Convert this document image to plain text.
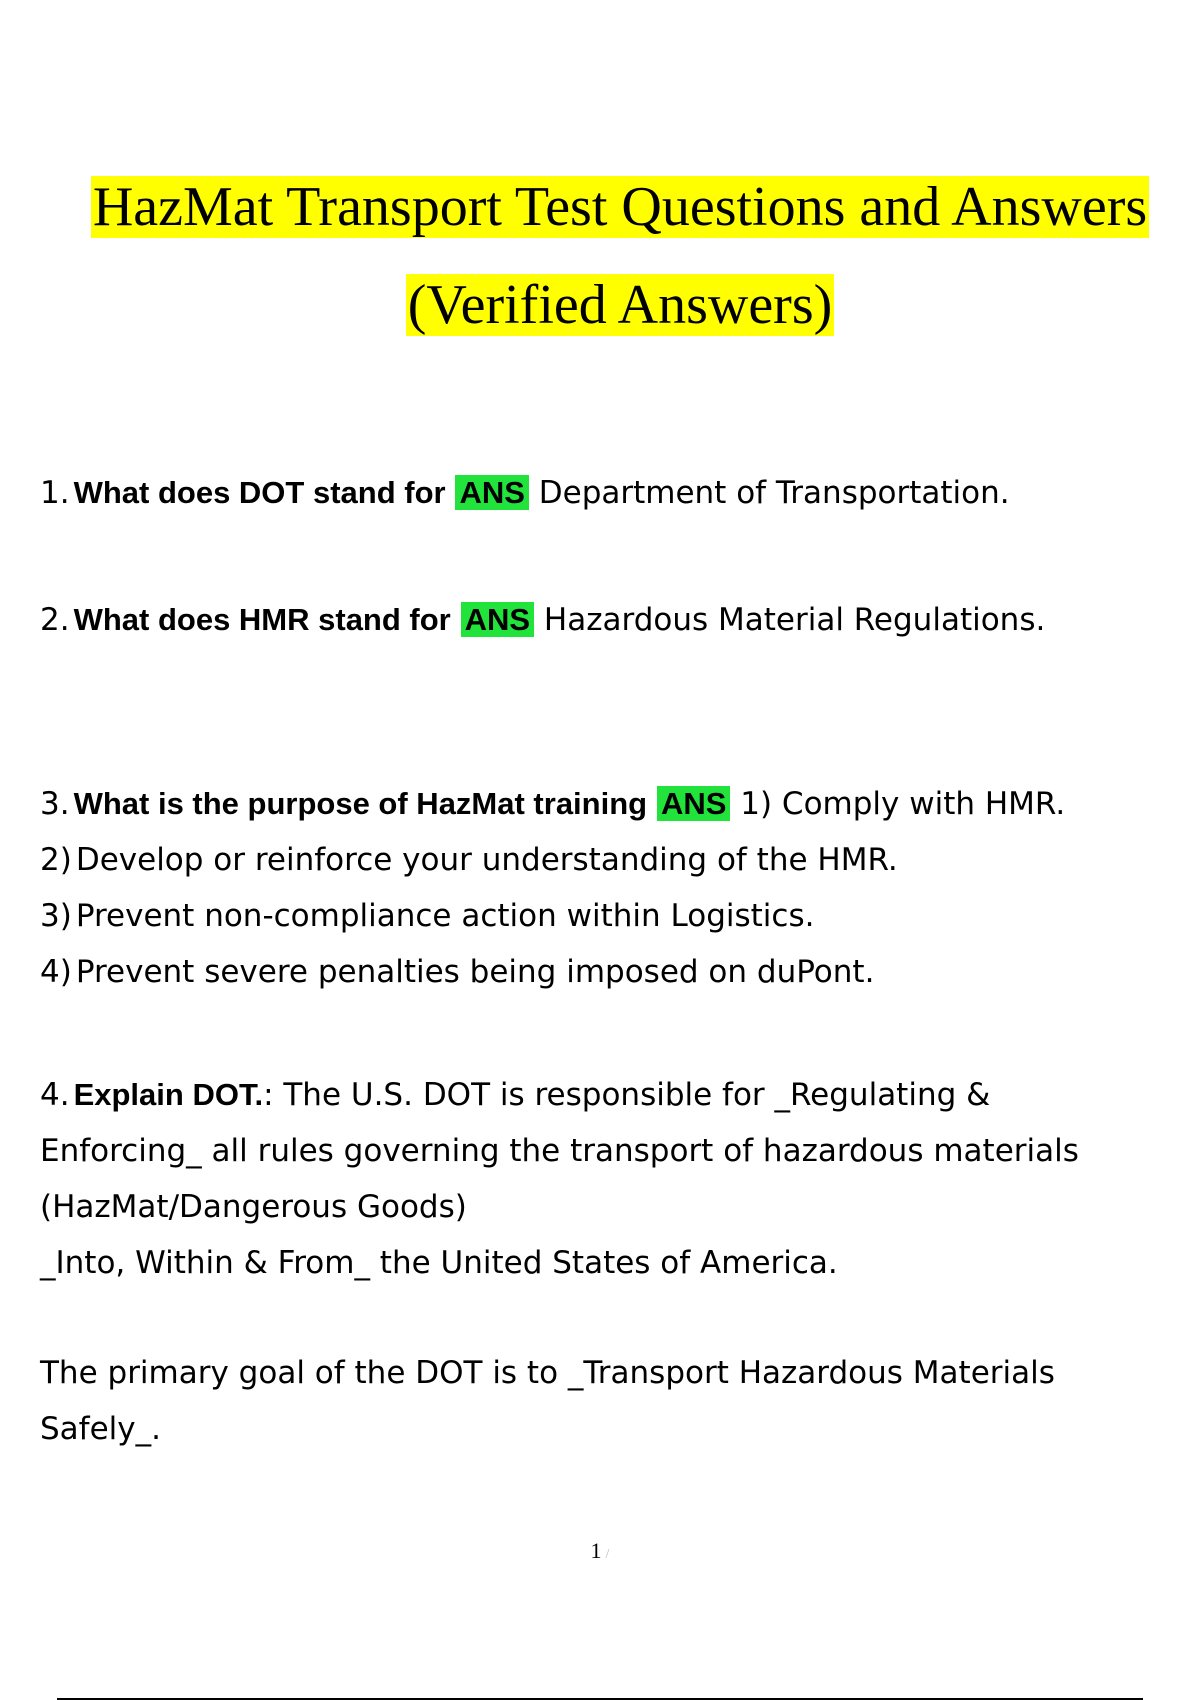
HazMat Transport Test Questions and Answers
(Verified Answers)
1. What does DOT stand for ANS Department of Transportation.
2. What does HMR stand for ANS Hazardous Material Regulations.
3. What is the purpose of HazMat training ANS 1) Comply with HMR.
2) Develop or reinforce your understanding of the HMR.
3) Prevent non-compliance action within Logistics.
4) Prevent severe penalties being imposed on duPont.
4. Explain DOT.: The U.S. DOT is responsible for _Regulating &
Enforcing_ all rules governing the transport of hazardous materials
(HazMat/Dangerous Goods)
_Into, Within & From_ the United States of America.
The primary goal of the DOT is to _Transport Hazardous Materials
Safely_.
1 /
